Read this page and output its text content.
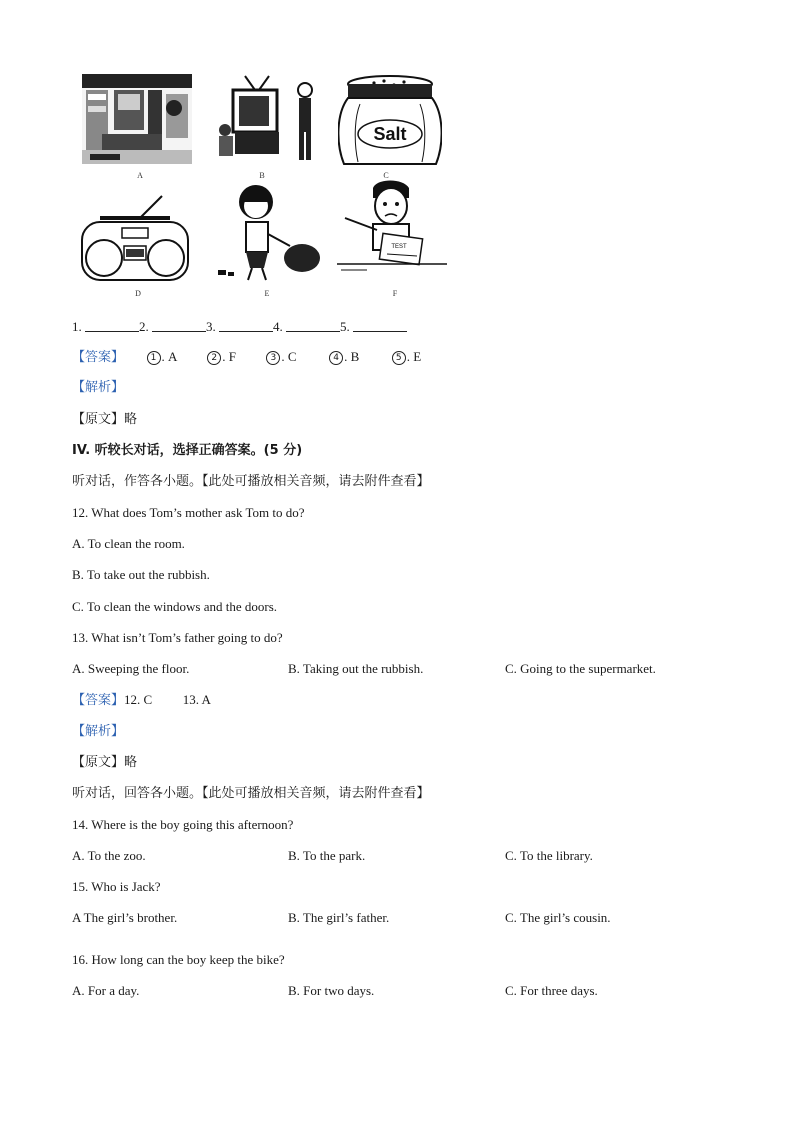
A	B
Salt
C
D	E
TEST
F
1.	2.	3.	4.	5.
【答案】	1 . A	2 . F	3 . C	4 . B	5 . E
【解析】
【原文】略
IV. 听较长对话，选择正确答案。(5 分)
听对话，作答各小题。【此处可播放相关音频，请去附件查看】
12. What does Tom’s mother ask Tom to do?
A. To clean the room.
B. To take out the rubbish.
C. To clean the windows and the doors.
13. What isn’t Tom’s father going to do?
A. Sweeping the floor.	B. Taking out the rubbish.	C. Going to the supermarket.
【答案】12. C 13. A
【解析】
【原文】略
听对话，回答各小题。【此处可播放相关音频，请去附件查看】
14. Where is the boy going this afternoon?
A. To the zoo.	B. To the park.	C. To the library.
15. Who is Jack?
A The girl’s brother.	B. The girl’s father.	C. The girl’s cousin.
16. How long can the boy keep the bike?
A. For a day.	B. For two days.	C. For three days.
